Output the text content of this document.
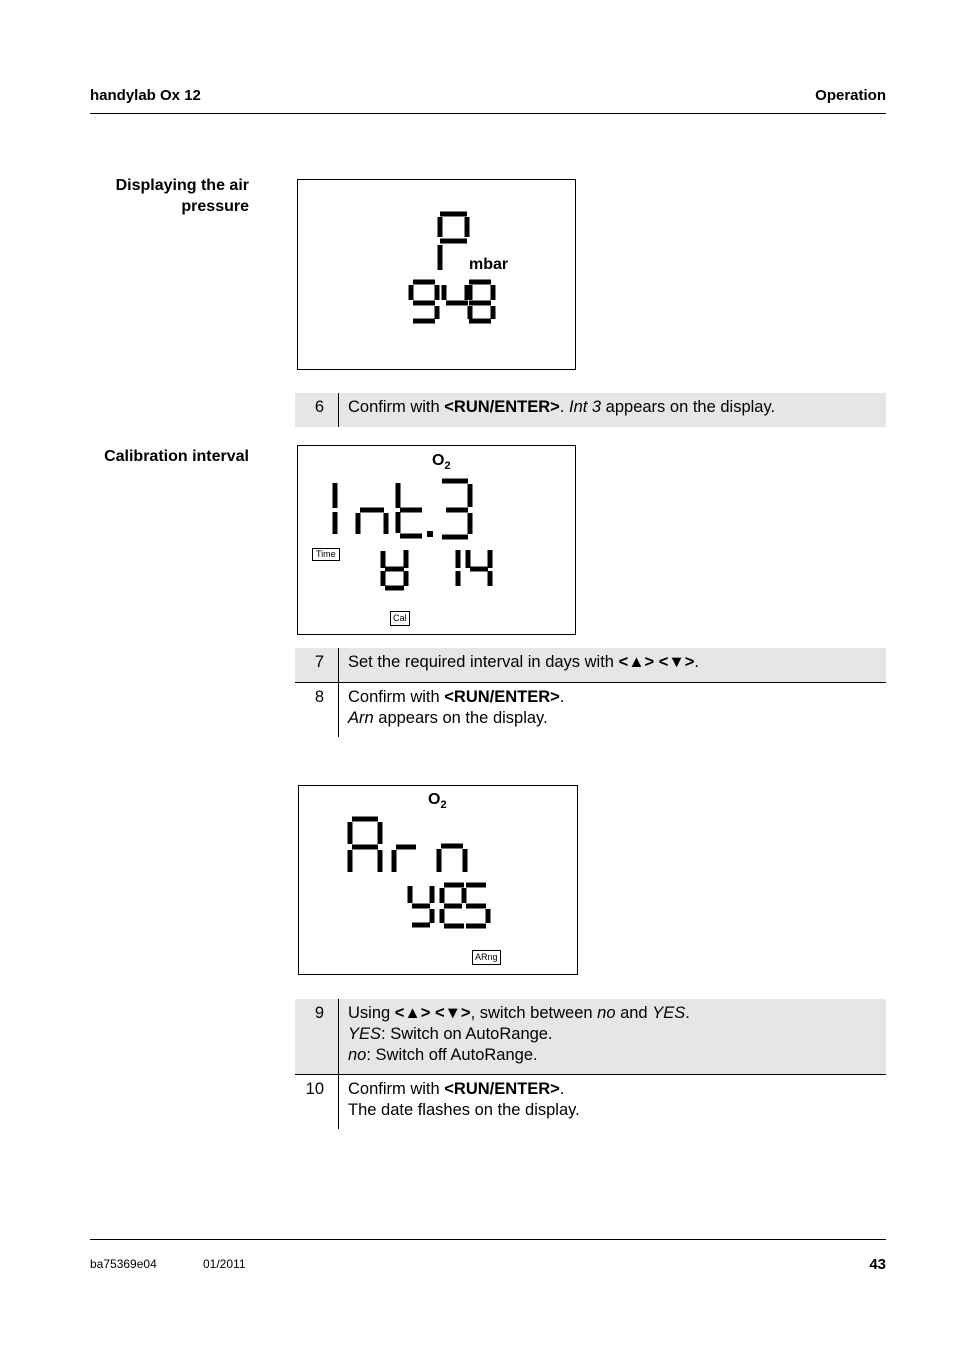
handylab Ox 12	Operation
Displaying the air
pressure
mbar
6	Confirm with <RUN/ENTER>. Int 3 appears on the display.
Calibration interval	$O_2$
Time
Cal
7	Set the required interval in days with <▲> <▼>.
8	Confirm with <RUN/ENTER>.
Arn appears on the display.
$O_2$
ARng
9	Using <▲> <▼>, switch between no and YES.
YES: Switch on AutoRange.
no: Switch off AutoRange.
10	Confirm with <RUN/ENTER>.
The date flashes on the display.
ba75369e04	01/2011	43
